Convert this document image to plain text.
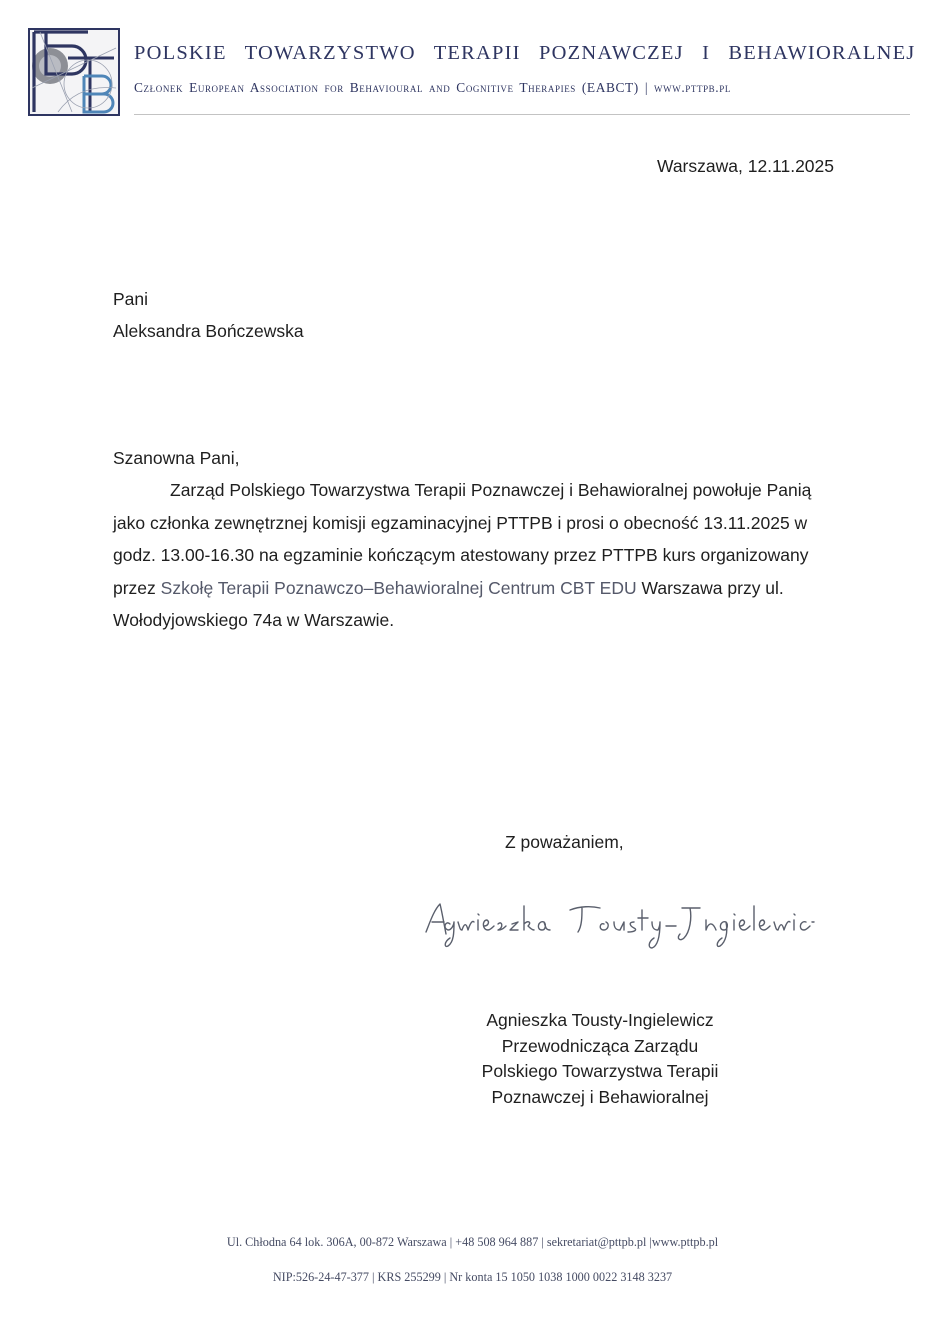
PTTPB
POLSKIE TOWARZYSTWO TERAPII POZNAWCZEJ I BEHAWIORALNEJ
Członek European Association for Behavioural and Cognitive Therapies (EABCT) | www.pttpb.pl
Warszawa, 12.11.2025
Pani
Aleksandra Bończewska
Szanowna Pani,
Zarząd Polskiego Towarzystwa Terapii Poznawczej i Behawioralnej powołuje Panią jako członka zewnętrznej komisji egzaminacyjnej PTTPB i prosi o obecność 13.11.2025 w godz. 13.00-16.30 na egzaminie kończącym atestowany przez PTTPB kurs organizowany przez Szkołę Terapii Poznawczo–Behawioralnej Centrum CBT EDU Warszawa przy ul. Wołodyjowskiego 74a w Warszawie.
Z poważaniem,
Agnieszka Tousty-Ingielewicz
Agnieszka Tousty-Ingielewicz
Przewodnicząca Zarządu
Polskiego Towarzystwa Terapii
Poznawczej i Behawioralnej
Ul. Chłodna 64 lok. 306A, 00-872 Warszawa | +48 508 964 887 | sekretariat@pttpb.pl |www.pttpb.pl
NIP:526-24-47-377 | KRS 255299 | Nr konta 15 1050 1038 1000 0022 3148 3237
